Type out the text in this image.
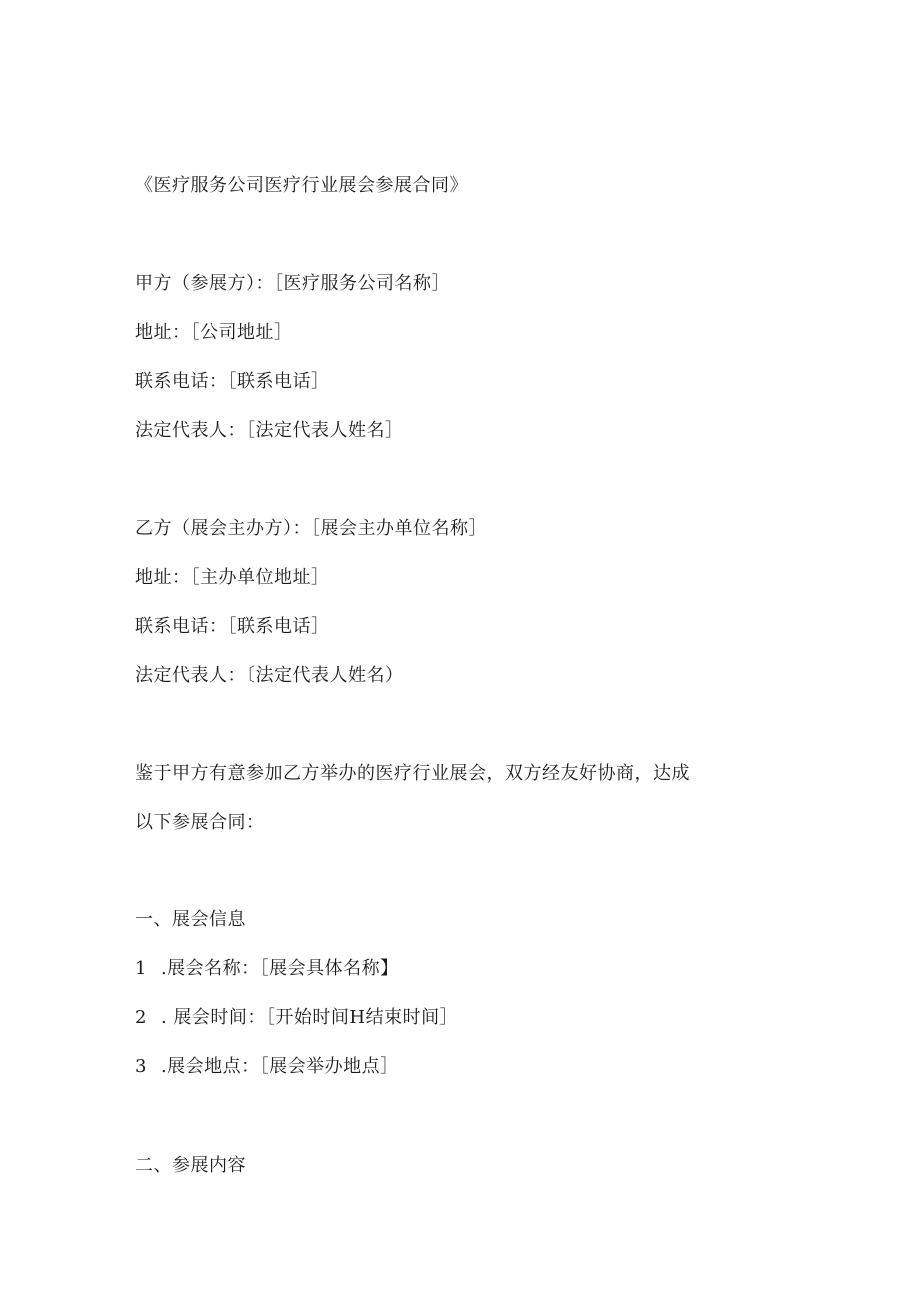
《医疗服务公司医疗行业展会参展合同》
甲方（参展方）：［医疗服务公司名称］
地址：［公司地址］
联系电话：［联系电话］
法定代表人：［法定代表人姓名］
乙方（展会主办方）：［展会主办单位名称］
地址：［主办单位地址］
联系电话：［联系电话］
法定代表人：〔法定代表人姓名）
鉴于甲方有意参加乙方举办的医疗行业展会，双方经友好协商，达成
以下参展合同：
一、展会信息
1 .展会名称：［展会具体名称】
2 . 展会时间：［开始时间H结束时间］
3 .展会地点：［展会举办地点］
二、参展内容
